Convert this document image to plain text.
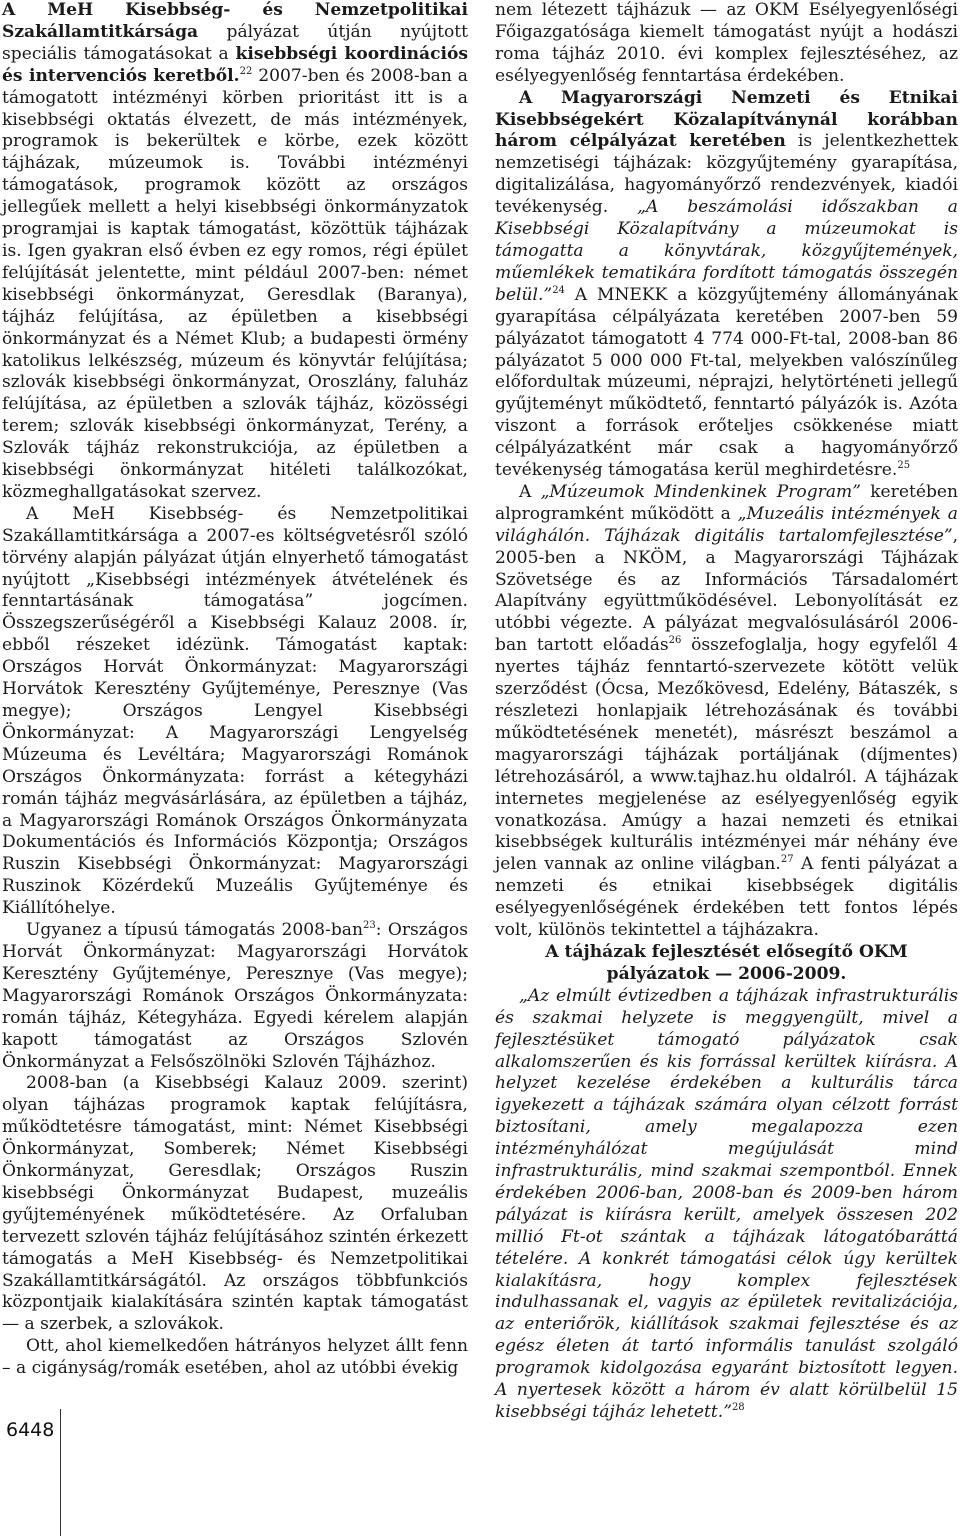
A MeH Kisebbség- és Nemzetpolitikai Szakállamtitkársága pályázat útján nyújtott speciális támogatásokat a kisebbségi koordinációs és intervenciós keretből.$^{22}$ 2007-ben és 2008-ban a támogatott intézményi körben prioritást itt is a kisebbségi oktatás élvezett, de más intézmények, programok is bekerültek e körbe, ezek között tájházak, múzeumok is. További intézményi támogatások, programok között az országos jellegűek mellett a helyi kisebbségi önkormányzatok programjai is kaptak támogatást, közöttük tájházak is. Igen gyakran első évben ez egy romos, régi épület felújítását jelentette, mint például 2007-ben: német kisebbségi önkormányzat, Geresdlak (Baranya), tájház felújítása, az épületben a kisebbségi önkormányzat és a Német Klub; a budapesti örmény katolikus lelkészség, múzeum és könyvtár felújítása; szlovák kisebbségi önkormányzat, Oroszlány, faluház felújítása, az épületben a szlovák tájház, közösségi terem; szlovák kisebbségi önkormányzat, Terény, a Szlovák tájház rekonstrukciója, az épületben a kisebbségi önkormányzat hitéleti találkozókat, közmeghallgatásokat szervez.

A MeH Kisebbség- és Nemzetpolitikai Szakállamtitkársága a 2007-es költségvetésről szóló törvény alapján pályázat útján elnyerhető támogatást nyújtott „Kisebbségi intézmények átvételének és fenntartásának támogatása” jogcímen. Összegszerűségéről a Kisebbségi Kalauz 2008. ír, ebből részeket idézünk. Támogatást kaptak: Országos Horvát Önkormányzat: Magyarországi Horvátok Keresztény Gyűjteménye, Peresznye (Vas megye); Országos Lengyel Kisebbségi Önkormányzat: A Magyarországi Lengyelség Múzeuma és Levéltára; Magyarországi Románok Országos Önkormányzata: forrást a kétegyházi román tájház megvásárlására, az épületben a tájház, a Magyarországi Románok Országos Önkormányzata Dokumentációs és Információs Központja; Országos Ruszin Kisebbségi Önkormányzat: Magyarországi Ruszinok Közérdekű Muzeális Gyűjteménye és Kiállítóhelye.

Ugyanez a típusú támogatás 2008-ban$^{23}$: Országos Horvát Önkormányzat: Magyarországi Horvátok Keresztény Gyűjteménye, Peresznye (Vas megye); Magyarországi Románok Országos Önkormányzata: román tájház, Kétegyháza. Egyedi kérelem alapján kapott támogatást az Országos Szlovén Önkormányzat a Felsőszölnöki Szlovén Tájházhoz.

2008-ban (a Kisebbségi Kalauz 2009. szerint) olyan tájházas programok kaptak felújításra, működtetésre támogatást, mint: Német Kisebbségi Önkormányzat, Somberek; Német Kisebbségi Önkormányzat, Geresdlak; Országos Ruszin kisebbségi Önkormányzat Budapest, muzeális gyűjteményének működtetésére. Az Orfaluban tervezett szlovén tájház felújításához szintén érkezett támogatás a MeH Kisebbség- és Nemzetpolitikai Szakállamtitkárságától. Az országos többfunkciós központjaik kialakítására szintén kaptak támogatást — a szerbek, a szlovákok.

Ott, ahol kiemelkedően hátrányos helyzet állt fenn – a cigányság/romák esetében, ahol az utóbbi évekig

nem létezett tájházuk — az OKM Esélyegyenlőségi Főigazgatósága kiemelt támogatást nyújt a hodászi roma tájház 2010. évi komplex fejlesztéséhez, az esélyegyenlőség fenntartása érdekében.

A Magyarországi Nemzeti és Etnikai Kisebbségekért Közalapítványnál korábban három célpályázat keretében is jelentkezhettek nemzetiségi tájházak: közgyűjtemény gyarapítása, digitalizálása, hagyományőrző rendezvények, kiadói tevékenység. „A beszámolási időszakban a Kisebbségi Közalapítvány a múzeumokat is támogatta a könyvtárak, közgyűjtemények, műemlékek tematikára fordított támogatás összegén belül.”$^{24}$ A MNEKK a közgyűjtemény állományának gyarapítása célpályázata keretében 2007-ben 59 pályázatot támogatott 4 774 000-Ft-tal, 2008-ban 86 pályázatot 5 000 000 Ft-tal, melyekben valószínűleg előfordultak múzeumi, néprajzi, helytörténeti jellegű gyűjteményt működtető, fenntartó pályázók is. Azóta viszont a források erőteljes csökkenése miatt célpályázatként már csak a hagyományőrző tevékenység támogatása kerül meghirdetésre.$^{25}$

A „Múzeumok Mindenkinek Program” keretében alprogramként működött a „Muzeális intézmények a világhálón. Tájházak digitális tartalomfejlesztése”, 2005-ben a NKÖM, a Magyarországi Tájházak Szövetsége és az Információs Társadalomért Alapítvány együttműködésével. Lebonyolítását ez utóbbi végezte. A pályázat megvalósulásáról 2006-ban tartott előadás$^{26}$ összefoglalja, hogy egyfelől 4 nyertes tájház fenntartó-szervezete kötött velük szerződést (Ócsa, Mezőkövesd, Edelény, Bátaszék, s részletezi honlapjaik létrehozásának és további működtetésének menetét), másrészt beszámol a magyarországi tájházak portáljának (díjmentes) létrehozásáról, a www.tajhaz.hu oldalról. A tájházak internetes megjelenése az esélyegyenlőség egyik vonatkozása. Amúgy a hazai nemzeti és etnikai kisebbségek kulturális intézményei már néhány éve jelen vannak az online világban.$^{27}$ A fenti pályázat a nemzeti és etnikai kisebbségek digitális esélyegyenlőségének érdekében tett fontos lépés volt, különös tekintettel a tájházakra.

A tájházak fejlesztését elősegítő OKM pályázatok — 2006-2009.

„Az elmúlt évtizedben a tájházak infrastrukturális és szakmai helyzete is meggyengült, mivel a fejlesztésüket támogató pályázatok csak alkalomszerűen és kis forrással kerültek kiírásra. A helyzet kezelése érdekében a kulturális tárca igyekezett a tájházak számára olyan célzott forrást biztosítani, amely megalapozza ezen intézményhálózat megújulását mind infrastrukturális, mind szakmai szempontból. Ennek érdekében 2006-ban, 2008-ban és 2009-ben három pályázat is kiírásra került, amelyek összesen 202 millió Ft-ot szántak a tájházak látogatóbaráttá tételére. A konkrét támogatási célok úgy kerültek kialakításra, hogy komplex fejlesztések indulhassanak el, vagyis az épületek revitalizációja, az enteriőrök, kiállítások szakmai fejlesztése és az egész életen át tartó informális tanulást szolgáló programok kidolgozása egyaránt biztosított legyen. A nyertesek között a három év alatt körülbelül 15 kisebbségi tájház lehetett.”$^{28}$

6448
